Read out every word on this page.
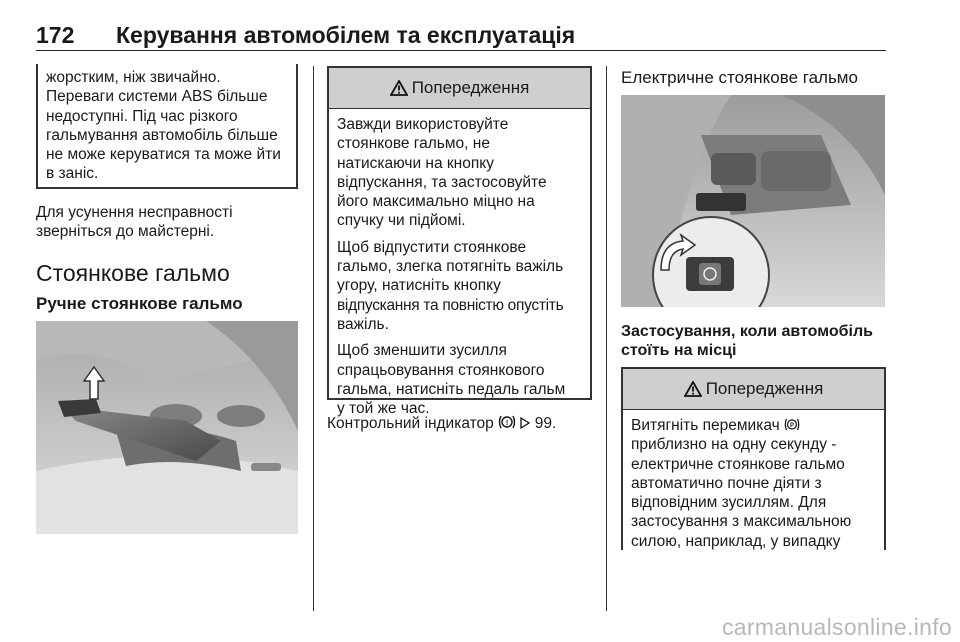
172 Керування автомобілем та експлуатація

жорстким, ніж звичайно.

Переваги системи ABS більше

недоступні. Під час різкого

гальмування автомобіль більше

не може керуватися та може йти

в заніс.

Для усунення несправності
зверніться до майстерні.
Стоянкове гальмо
Ручне стоянкове гальмо
Попередження

Завжди використовуйте

стоянкове гальмо, не

натискаючи на кнопку

відпускання, та застосовуйте

його максимально міцно на

спучку чи підйомі.

Щоб відпустити стоянкове

гальмо, злегка потягніть важіль

угору, натисніть кнопку

відпускання та повністю опустіть

важіль.

Щоб зменшити зусилля

спрацьовування стоянкового

гальма, натисніть педаль гальм

у той же час.

Контрольний індикатор ! 99.
Електричне стоянкове гальмо
Застосування, коли автомобіль
стоїть на місці
Попередження

Витягніть перемикач P

приблизно на одну секунду -

електричне стоянкове гальмо

автоматично почне діяти з

відповідним зусиллям. Для

застосування з максимальною

силою, наприклад, у випадку

carmanualsonline.info
